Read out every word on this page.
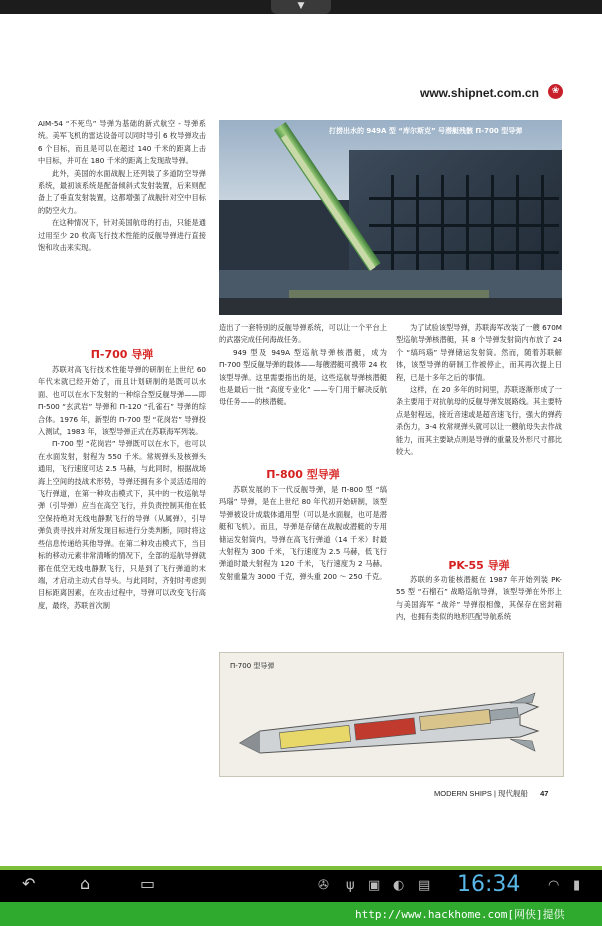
▼
www.shipnet.com.cn	❀

AIM-54 “不死鸟” 导弹为基础的新式航空 - 导弹系统。美军飞机的雷达设备可以同时导引 6 枚导弹攻击 6 个目标，而且是可以在超过 140 千米的距离上击中目标，并可在 180 千米的距离上发现敌导弹。

此外，美国的水面战舰上还列装了多道防空导弹系统，最初该系统是配备倾斜式发射装置，后来则配备上了垂直发射装置，这都增强了战舰针对空中目标的防空火力。

在这种情况下，针对美国航母的打击，只能是通过用至少 20 枚高飞行技术性能的反舰导弹进行直接饱和攻击来实现。

П-700 导弹

苏联对高飞行技术性能导弹的研制在上世纪 60 年代末就已经开始了，而且计划研制的是既可以水面、也可以在水下发射的一种综合型反舰导弹——即 П-500 “玄武岩” 导弹和 П-120 “孔雀石” 导弹的综合体。1976 年，新型的 П-700 型 “花岗岩” 导弹投入测试，1983 年，该型导弹正式在苏联海军列装。

П-700 型 “花岗岩” 导弹既可以在水下，也可以在水面发射，射程为 550 千米。常规弹头及核弹头通用，飞行速度可达 2.5 马赫，与此同时，根据战场海上空间的技战术形势，导弹还拥有多个灵活适用的飞行弹道，在第一种攻击模式下，其中的一枚巡航导弹（引导弹）应当在高空飞行，并负责控制其他在低空保持绝对无线电静默飞行的导弹（从属弹），引导弹负责寻找并对所发现目标进行分类判断，同时将这些信息传递给其他导弹。在第二种攻击模式下，当目标的移动元素非常清晰的情况下，全部的巡航导弹就都在低空无线电静默飞行，只是到了飞行弹道的末端，才启动主动式自导头。与此同时，齐射时考虑到目标距离因素，在攻击过程中，导弹可以改变飞行高度，最终，苏联首次制

打捞出水的 949A 型 “库尔斯克” 号潜艇残骸 П-700 型导弹

造出了一套特别的反舰导弹系统，可以让一个平台上的武器完成任何海战任务。

949 型及 949A 型巡航导弹核潜艇，成为 П-700 型反舰导弹的载体——每艘潜艇可携带 24 枚该型导弹。这里需要指出的是，这些巡航导弹核潜艇也是最后一批 “高度专业化” ——专门用于解决反航母任务——的核潜艇。

П-800 型导弹

苏联发展的下一代反舰导弹，是 П-800 型 “缟玛瑙” 导弹，是在上世纪 80 年代初开始研制，该型导弹被设计成载体通用型（可以是水面舰，也可是潜艇和飞机）。而且，导弹是存储在战舰或潜艇的专用储运发射筒内，导弹在高飞行弹道（14 千米）时最大射程为 300 千米，飞行速度为 2.5 马赫，低飞行弹道时最大射程为 120 千米，飞行速度为 2 马赫。发射重量为 3000 千克，弹头重 200 ～ 250 千克。

为了试验该型导弹，苏联海军改装了一艘 670M 型巡航导弹核潜艇，其 8 个导弹发射筒内布放了 24 个 “缟玛瑙” 导弹储运发射筒。然而，随着苏联解体，该型导弹的研制工作被停止，而其再次提上日程，已是十多年之后的事情。

这样，在 20 多年的时间里，苏联逐渐形成了一条主要用于对抗航母的反舰导弹发展路线。其主要特点是射程远，接近音速或是超音速飞行，强大的弹药杀伤力，3-4 枚常规弹头就可以让一艘航母失去作战能力，而其主要缺点则是导弹的重量及外形尺寸都比较大。

PK-55 导弹

苏联的多功能核潜艇在 1987 年开始列装 PK-55 型 “石榴石” 战略巡航导弹，该型导弹在外形上与美国海军 “战斧” 导弹很相像，其保存在密封箱内，也拥有类似的地形匹配导航系统

П-700 型导弹
MODERN SHIPS | 现代舰船 47
↶	⌂	▭	✇ ψ ▣ ◐ ▤	◠ ▮
16:34
http://www.hackhome.com[网侠]提供
